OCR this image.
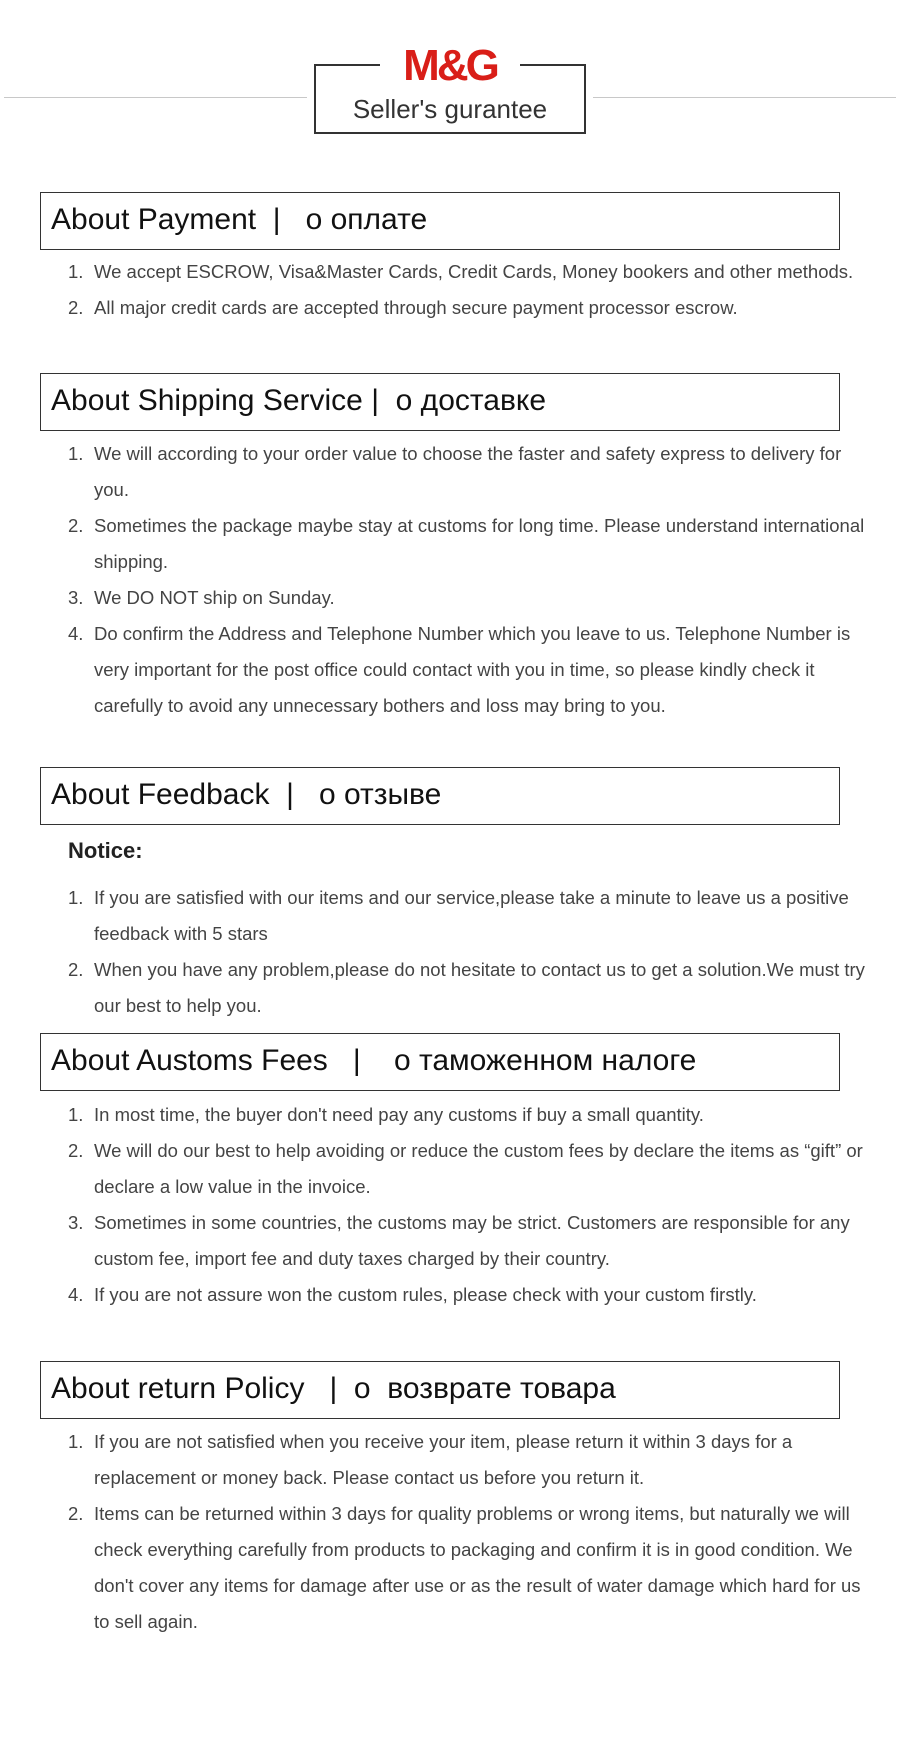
M&G
Seller's gurantee
About Payment  |   о оплате
1. We accept ESCROW, Visa&Master Cards, Credit Cards, Money bookers and other methods.
2. All major credit cards are accepted through secure payment processor escrow.
About Shipping Service |  о доставке
1. We will according to your order value to choose the faster and safety express to delivery for you.
2. Sometimes the package maybe stay at customs for long time. Please understand international shipping.
3. We DO NOT ship on Sunday.
4. Do confirm the Address and Telephone Number which you leave to us. Telephone Number is very important for the post office could contact with you in time, so please kindly check it carefully to avoid any unnecessary bothers and loss may bring to you.
About Feedback  |   о отзыве
Notice:
1. If you are satisfied with our items and our service,please take a minute to leave us a positive feedback with 5 stars
2. When you have any problem,please do not hesitate to contact us to get a solution.We must try our best to help you.
About Austoms Fees   |    о таможенном налоге
1. In most time, the buyer don't need pay any customs if buy a small quantity.
2. We will do our best to help avoiding or reduce the custom fees by declare the items as “gift” or declare a low value in the invoice.
3. Sometimes in some countries, the customs may be strict. Customers are responsible for any custom fee, import fee and duty taxes charged by their country.
4. If you are not assure won the custom rules, please check with your custom firstly.
About return Policy   |  о  возврате товара
1. If you are not satisfied when you receive your item, please return it within 3 days for a replacement or money back. Please contact us before you return it.
2. Items can be returned within 3 days for quality problems or wrong items, but naturally we will check everything carefully from products to packaging and confirm it is in good condition. We don't cover any items for damage after use or as the result of water damage which hard for us to sell again.
